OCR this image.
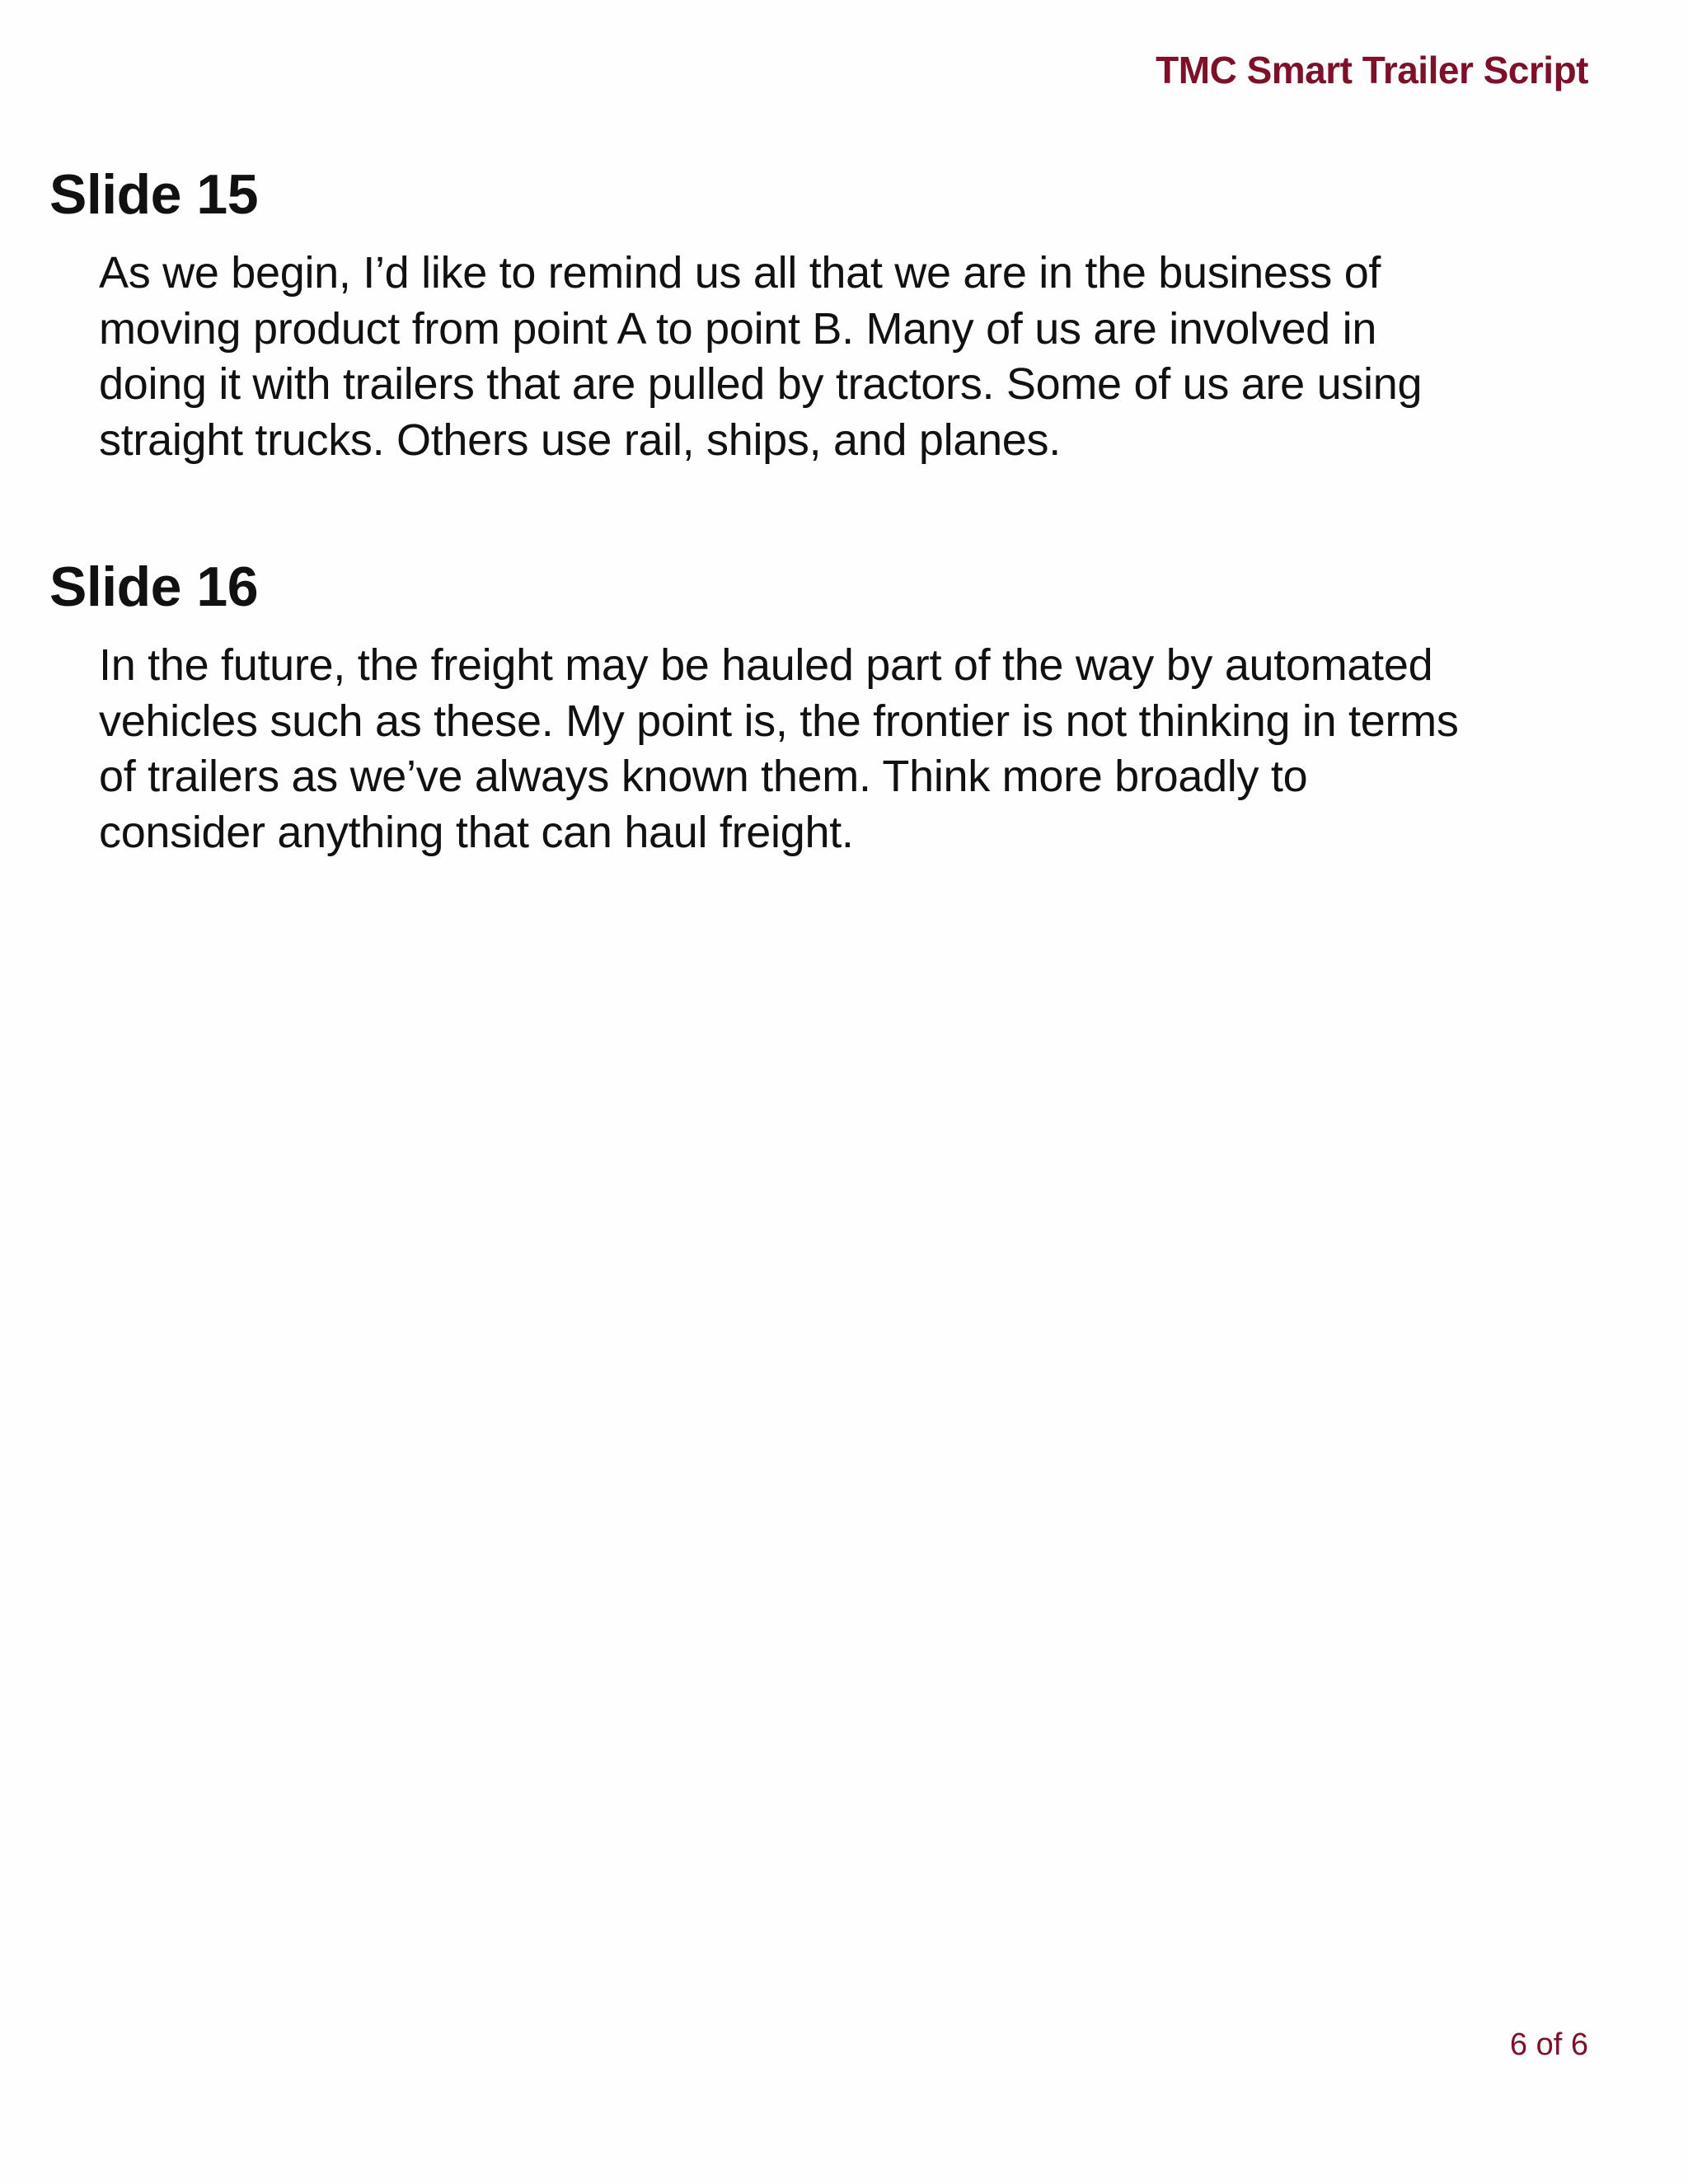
TMC Smart Trailer Script
Slide 15
As we begin, I’d like to remind us all that we are in the business of
moving product from point A to point B. Many of us are involved in
doing it with trailers that are pulled by tractors. Some of us are using
straight trucks. Others use rail, ships, and planes.
Slide 16
In the future, the freight may be hauled part of the way by automated
vehicles such as these. My point is, the frontier is not thinking in terms
of trailers as we’ve always known them. Think more broadly to
consider anything that can haul freight.
6 of 6
